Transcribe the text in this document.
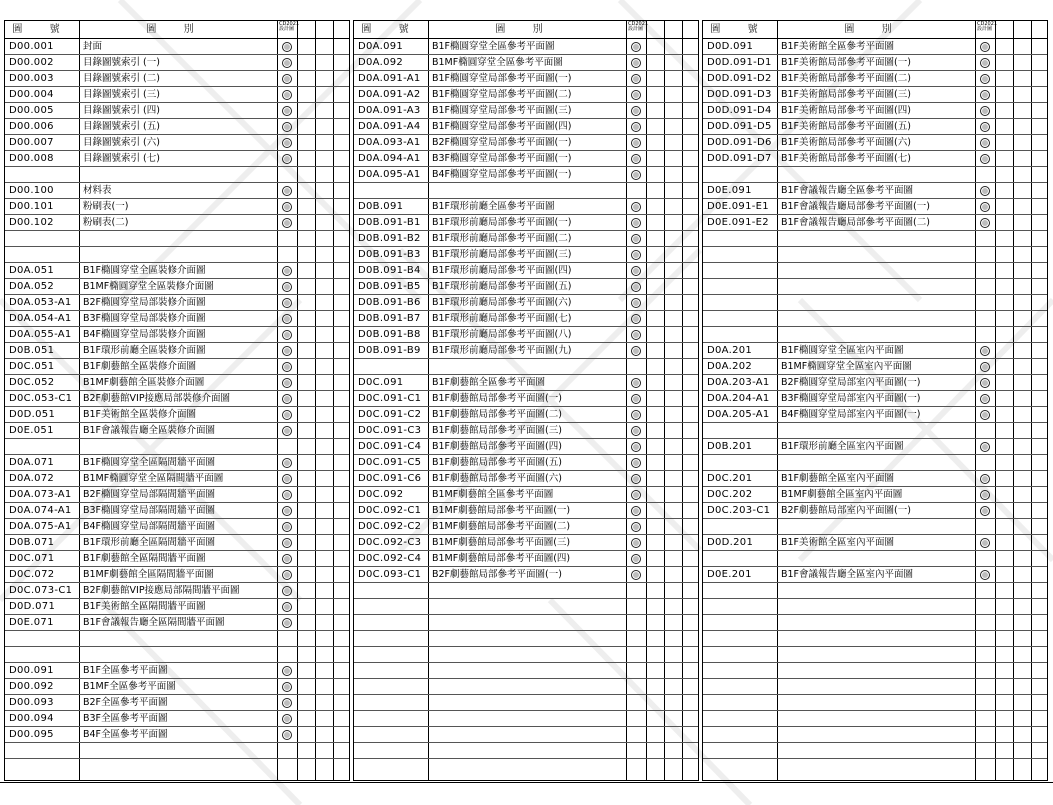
圖 號	圖 別	CD2021 設計圖
D00.001	封面
D00.002	目錄圖號索引 (一)
D00.003	目錄圖號索引 (二)
D00.004	目錄圖號索引 (三)
D00.005	目錄圖號索引 (四)
D00.006	目錄圖號索引 (五)
D00.007	目錄圖號索引 (六)
D00.008	目錄圖號索引 (七)
D00.100	材料表
D00.101	粉刷表(一)
D00.102	粉刷表(二)
D0A.051	B1F橢圓穿堂全區裝修介面圖
D0A.052	B1MF橢圓穿堂全區裝修介面圖
D0A.053-A1 B2F橢圓穿堂局部裝修介面圖
D0A.054-A1 B3F橢圓穿堂局部裝修介面圖
D0A.055-A1 B4F橢圓穿堂局部裝修介面圖
D0B.051	B1F環形前廳全區裝修介面圖
D0C.051	B1F劇藝館全區裝修介面圖
D0C.052	B1MF劇藝館全區裝修介面圖
D0C.053-C1 B2F劇藝館VIP接應局部裝修介面圖
D0D.051	B1F美術館全區裝修介面圖
D0E.051	B1F會議報告廳全區裝修介面圖
D0A.071	B1F橢圓穿堂全區隔間牆平面圖
D0A.072	B1MF橢圓穿堂全區隔間牆平面圖
D0A.073-A1 B2F橢圓穿堂局部隔間牆平面圖
D0A.074-A1 B3F橢圓穿堂局部隔間牆平面圖
D0A.075-A1 B4F橢圓穿堂局部隔間牆平面圖
D0B.071	B1F環形前廳全區隔間牆平面圖
D0C.071	B1F劇藝館全區隔間牆平面圖
D0C.072	B1MF劇藝館全區隔間牆平面圖
D0C.073-C1 B2F劇藝館VIP接應局部隔間牆平面圖
D0D.071	B1F美術館全區隔間牆平面圖
D0E.071	B1F會議報告廳全區隔間牆平面圖
D00.091	B1F全區參考平面圖
D00.092	B1MF全區參考平面圖
D00.093	B2F全區參考平面圖
D00.094	B3F全區參考平面圖
D00.095	B4F全區參考平面圖
圖 號	圖 別	CD2021 設計圖
D0A.091	B1F橢圓穿堂全區參考平面圖
D0A.092	B1MF橢圓穿堂全區參考平面圖
D0A.091-A1 B1F橢圓穿堂局部參考平面圖(一)
D0A.091-A2 B1F橢圓穿堂局部參考平面圖(二)
D0A.091-A3 B1F橢圓穿堂局部參考平面圖(三)
D0A.091-A4 B1F橢圓穿堂局部參考平面圖(四)
D0A.093-A1 B2F橢圓穿堂局部參考平面圖(一)
D0A.094-A1 B3F橢圓穿堂局部參考平面圖(一)
D0A.095-A1 B4F橢圓穿堂局部參考平面圖(一)
D0B.091	B1F環形前廳全區參考平面圖
D0B.091-B1 B1F環形前廳局部參考平面圖(一)
D0B.091-B2 B1F環形前廳局部參考平面圖(二)
D0B.091-B3 B1F環形前廳局部參考平面圖(三)
D0B.091-B4 B1F環形前廳局部參考平面圖(四)
D0B.091-B5 B1F環形前廳局部參考平面圖(五)
D0B.091-B6 B1F環形前廳局部參考平面圖(六)
D0B.091-B7 B1F環形前廳局部參考平面圖(七)
D0B.091-B8 B1F環形前廳局部參考平面圖(八)
D0B.091-B9 B1F環形前廳局部參考平面圖(九)
D0C.091	B1F劇藝館全區參考平面圖
D0C.091-C1 B1F劇藝館局部參考平面圖(一)
D0C.091-C2 B1F劇藝館局部參考平面圖(二)
D0C.091-C3 B1F劇藝館局部參考平面圖(三)
D0C.091-C4 B1F劇藝館局部參考平面圖(四)
D0C.091-C5 B1F劇藝館局部參考平面圖(五)
D0C.091-C6 B1F劇藝館局部參考平面圖(六)
D0C.092	B1MF劇藝館全區參考平面圖
D0C.092-C1 B1MF劇藝館局部參考平面圖(一)
D0C.092-C2 B1MF劇藝館局部參考平面圖(二)
D0C.092-C3 B1MF劇藝館局部參考平面圖(三)
D0C.092-C4 B1MF劇藝館局部參考平面圖(四)
D0C.093-C1 B2F劇藝館局部參考平面圖(一)
圖 號	圖 別	CD2021 設計圖
D0D.091	B1F美術館全區參考平面圖
D0D.091-D1 B1F美術館局部參考平面圖(一)
D0D.091-D2 B1F美術館局部參考平面圖(二)
D0D.091-D3 B1F美術館局部參考平面圖(三)
D0D.091-D4 B1F美術館局部參考平面圖(四)
D0D.091-D5 B1F美術館局部參考平面圖(五)
D0D.091-D6 B1F美術館局部參考平面圖(六)
D0D.091-D7 B1F美術館局部參考平面圖(七)
D0E.091	B1F會議報告廳全區參考平面圖
D0E.091-E1 B1F會議報告廳局部參考平面圖(一)
D0E.091-E2 B1F會議報告廳局部參考平面圖(二)
D0A.201	B1F橢圓穿堂全區室內平面圖
D0A.202	B1MF橢圓穿堂全區室內平面圖
D0A.203-A1 B2F橢圓穿堂局部室內平面圖(一)
D0A.204-A1 B3F橢圓穿堂局部室內平面圖(一)
D0A.205-A1 B4F橢圓穿堂局部室內平面圖(一)
D0B.201	B1F環形前廳全區室內平面圖
D0C.201	B1F劇藝館全區室內平面圖
D0C.202	B1MF劇藝館全區室內平面圖
D0C.203-C1 B2F劇藝館局部室內平面圖(一)
D0D.201	B1F美術館全區室內平面圖
D0E.201	B1F會議報告廳全區室內平面圖
